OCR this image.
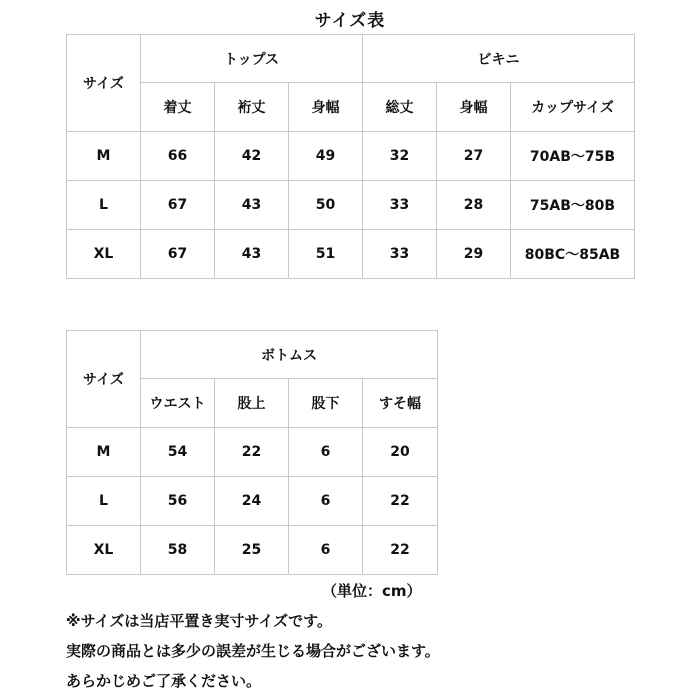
サイズ表
サイズ	トップス			ビキニ		
	着丈	裄丈	身幅	総丈	身幅	カップサイズ
M	66	42	49	32	27	70AB〜75B
L	67	43	50	33	28	75AB〜80B
XL	67	43	51	33	29	80BC〜85AB
サイズ	ボトムス			
	ウエスト	股上	股下	すそ幅
M	54	22	6	20
L	56	24	6	22
XL	58	25	6	22
（単位：cm）
※サイズは当店平置き実寸サイズです。
実際の商品とは多少の誤差が生じる場合がございます。
あらかじめご了承ください。
